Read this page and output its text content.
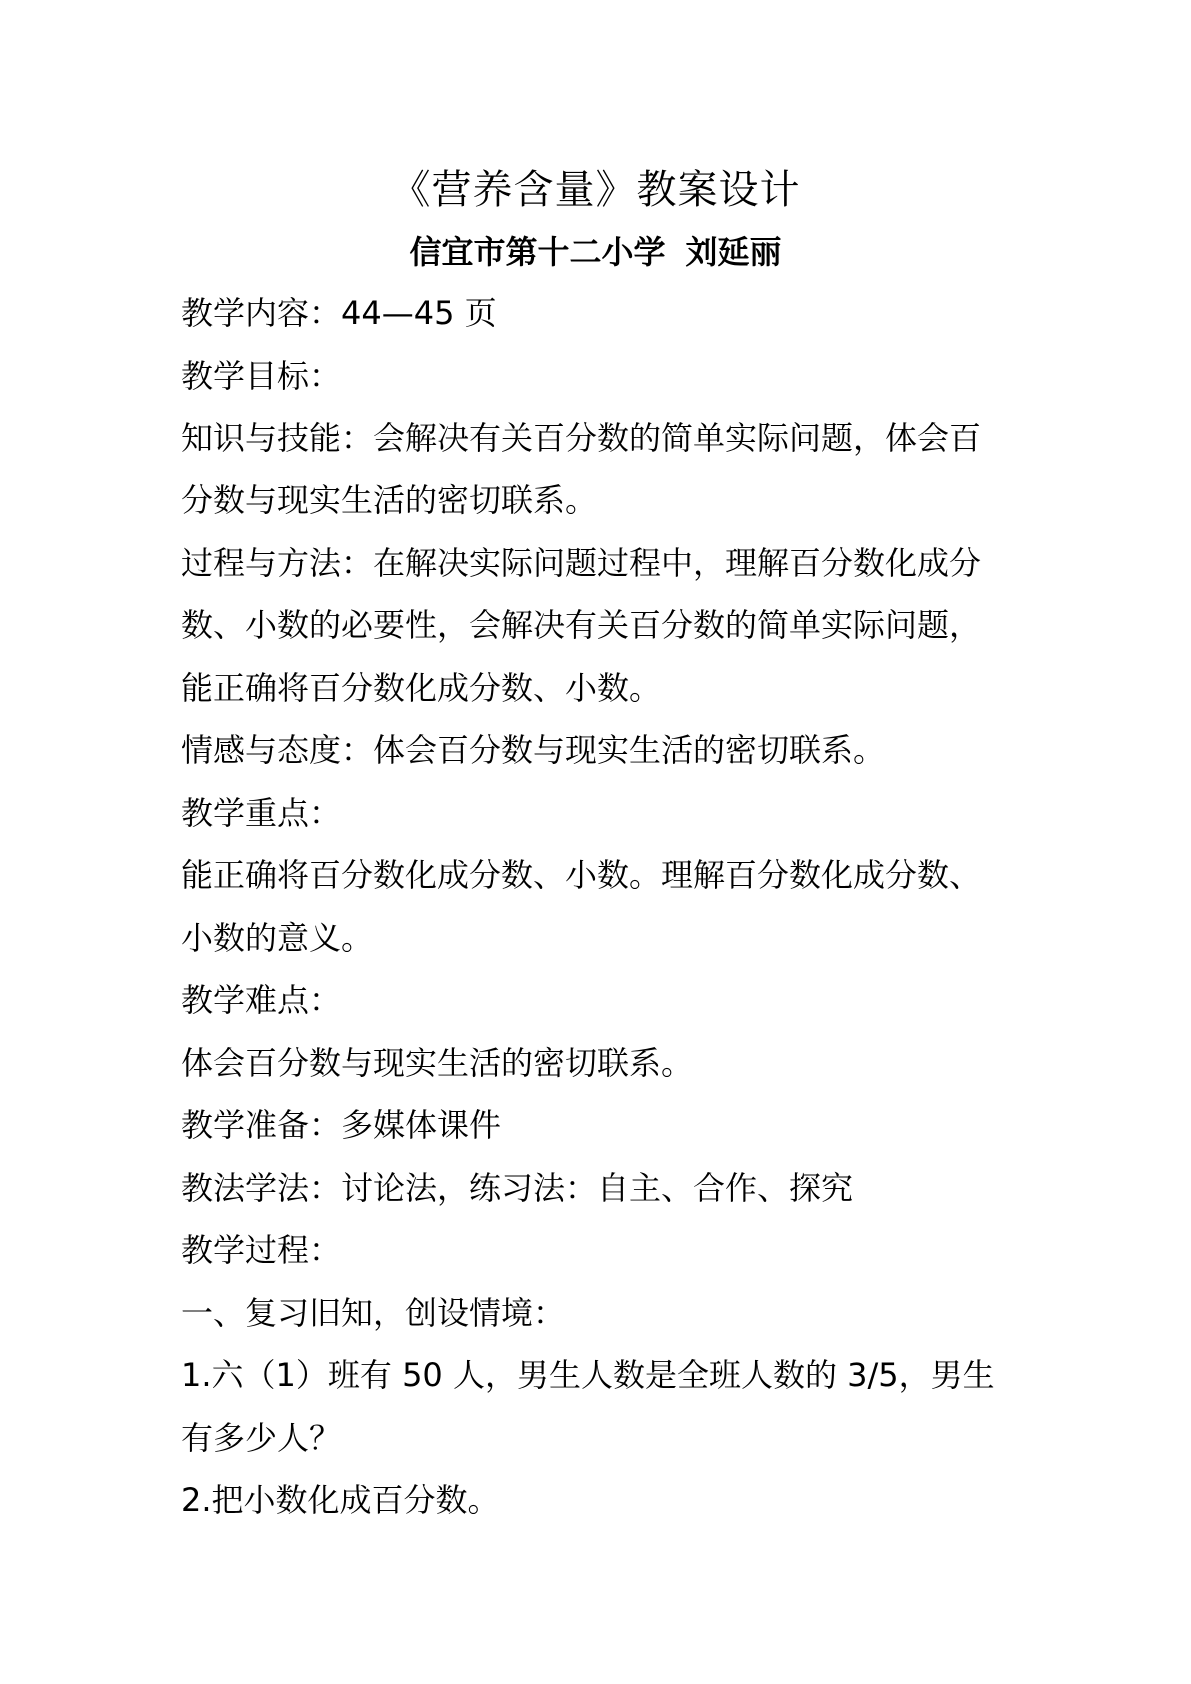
《营养含量》教案设计
信宜市第十二小学 刘延丽
教学内容：44—45 页
教学目标：
知识与技能：会解决有关百分数的简单实际问题，体会百
分数与现实生活的密切联系。
过程与方法：在解决实际问题过程中，理解百分数化成分
数、小数的必要性，会解决有关百分数的简单实际问题，
能正确将百分数化成分数、小数。
情感与态度：体会百分数与现实生活的密切联系。
教学重点：
能正确将百分数化成分数、小数。理解百分数化成分数、
小数的意义。
教学难点：
体会百分数与现实生活的密切联系。
教学准备：多媒体课件
教法学法：讨论法，练习法：自主、合作、探究
教学过程：
一、复习旧知，创设情境：
1.六（1）班有 50 人，男生人数是全班人数的 3/5，男生
有多少人？
2.把小数化成百分数。
